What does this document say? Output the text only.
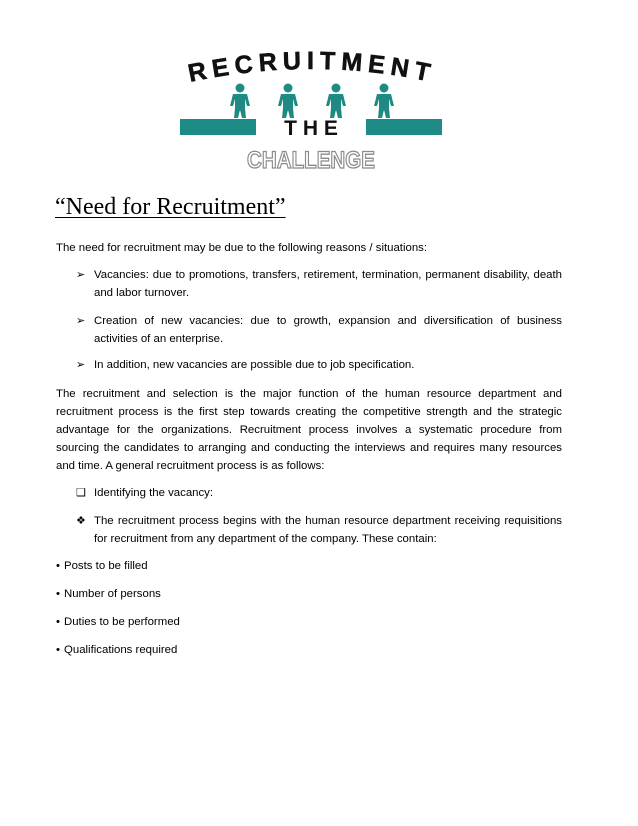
RECRUITMENT
T H E
CHALLENGE
“Need for Recruitment”

The need for recruitment may be due to the following reasons / situations:

➢ Vacancies: due to promotions, transfers, retirement, termination, permanent disability, death and labor turnover.
➢ Creation of new vacancies: due to growth, expansion and diversification of business activities of an enterprise.
➢ In addition, new vacancies are possible due to job specification.

The recruitment and selection is the major function of the human resource department and recruitment process is the first step towards creating the competitive strength and the strategic advantage for the organizations. Recruitment process involves a systematic procedure from sourcing the candidates to arranging and conducting the interviews and requires many resources and time. A general recruitment process is as follows:

❑ Identifying the vacancy:
❖ The recruitment process begins with the human resource department receiving requisitions for recruitment from any department of the company. These contain:
• Posts to be filled
• Number of persons
• Duties to be performed
• Qualifications required
